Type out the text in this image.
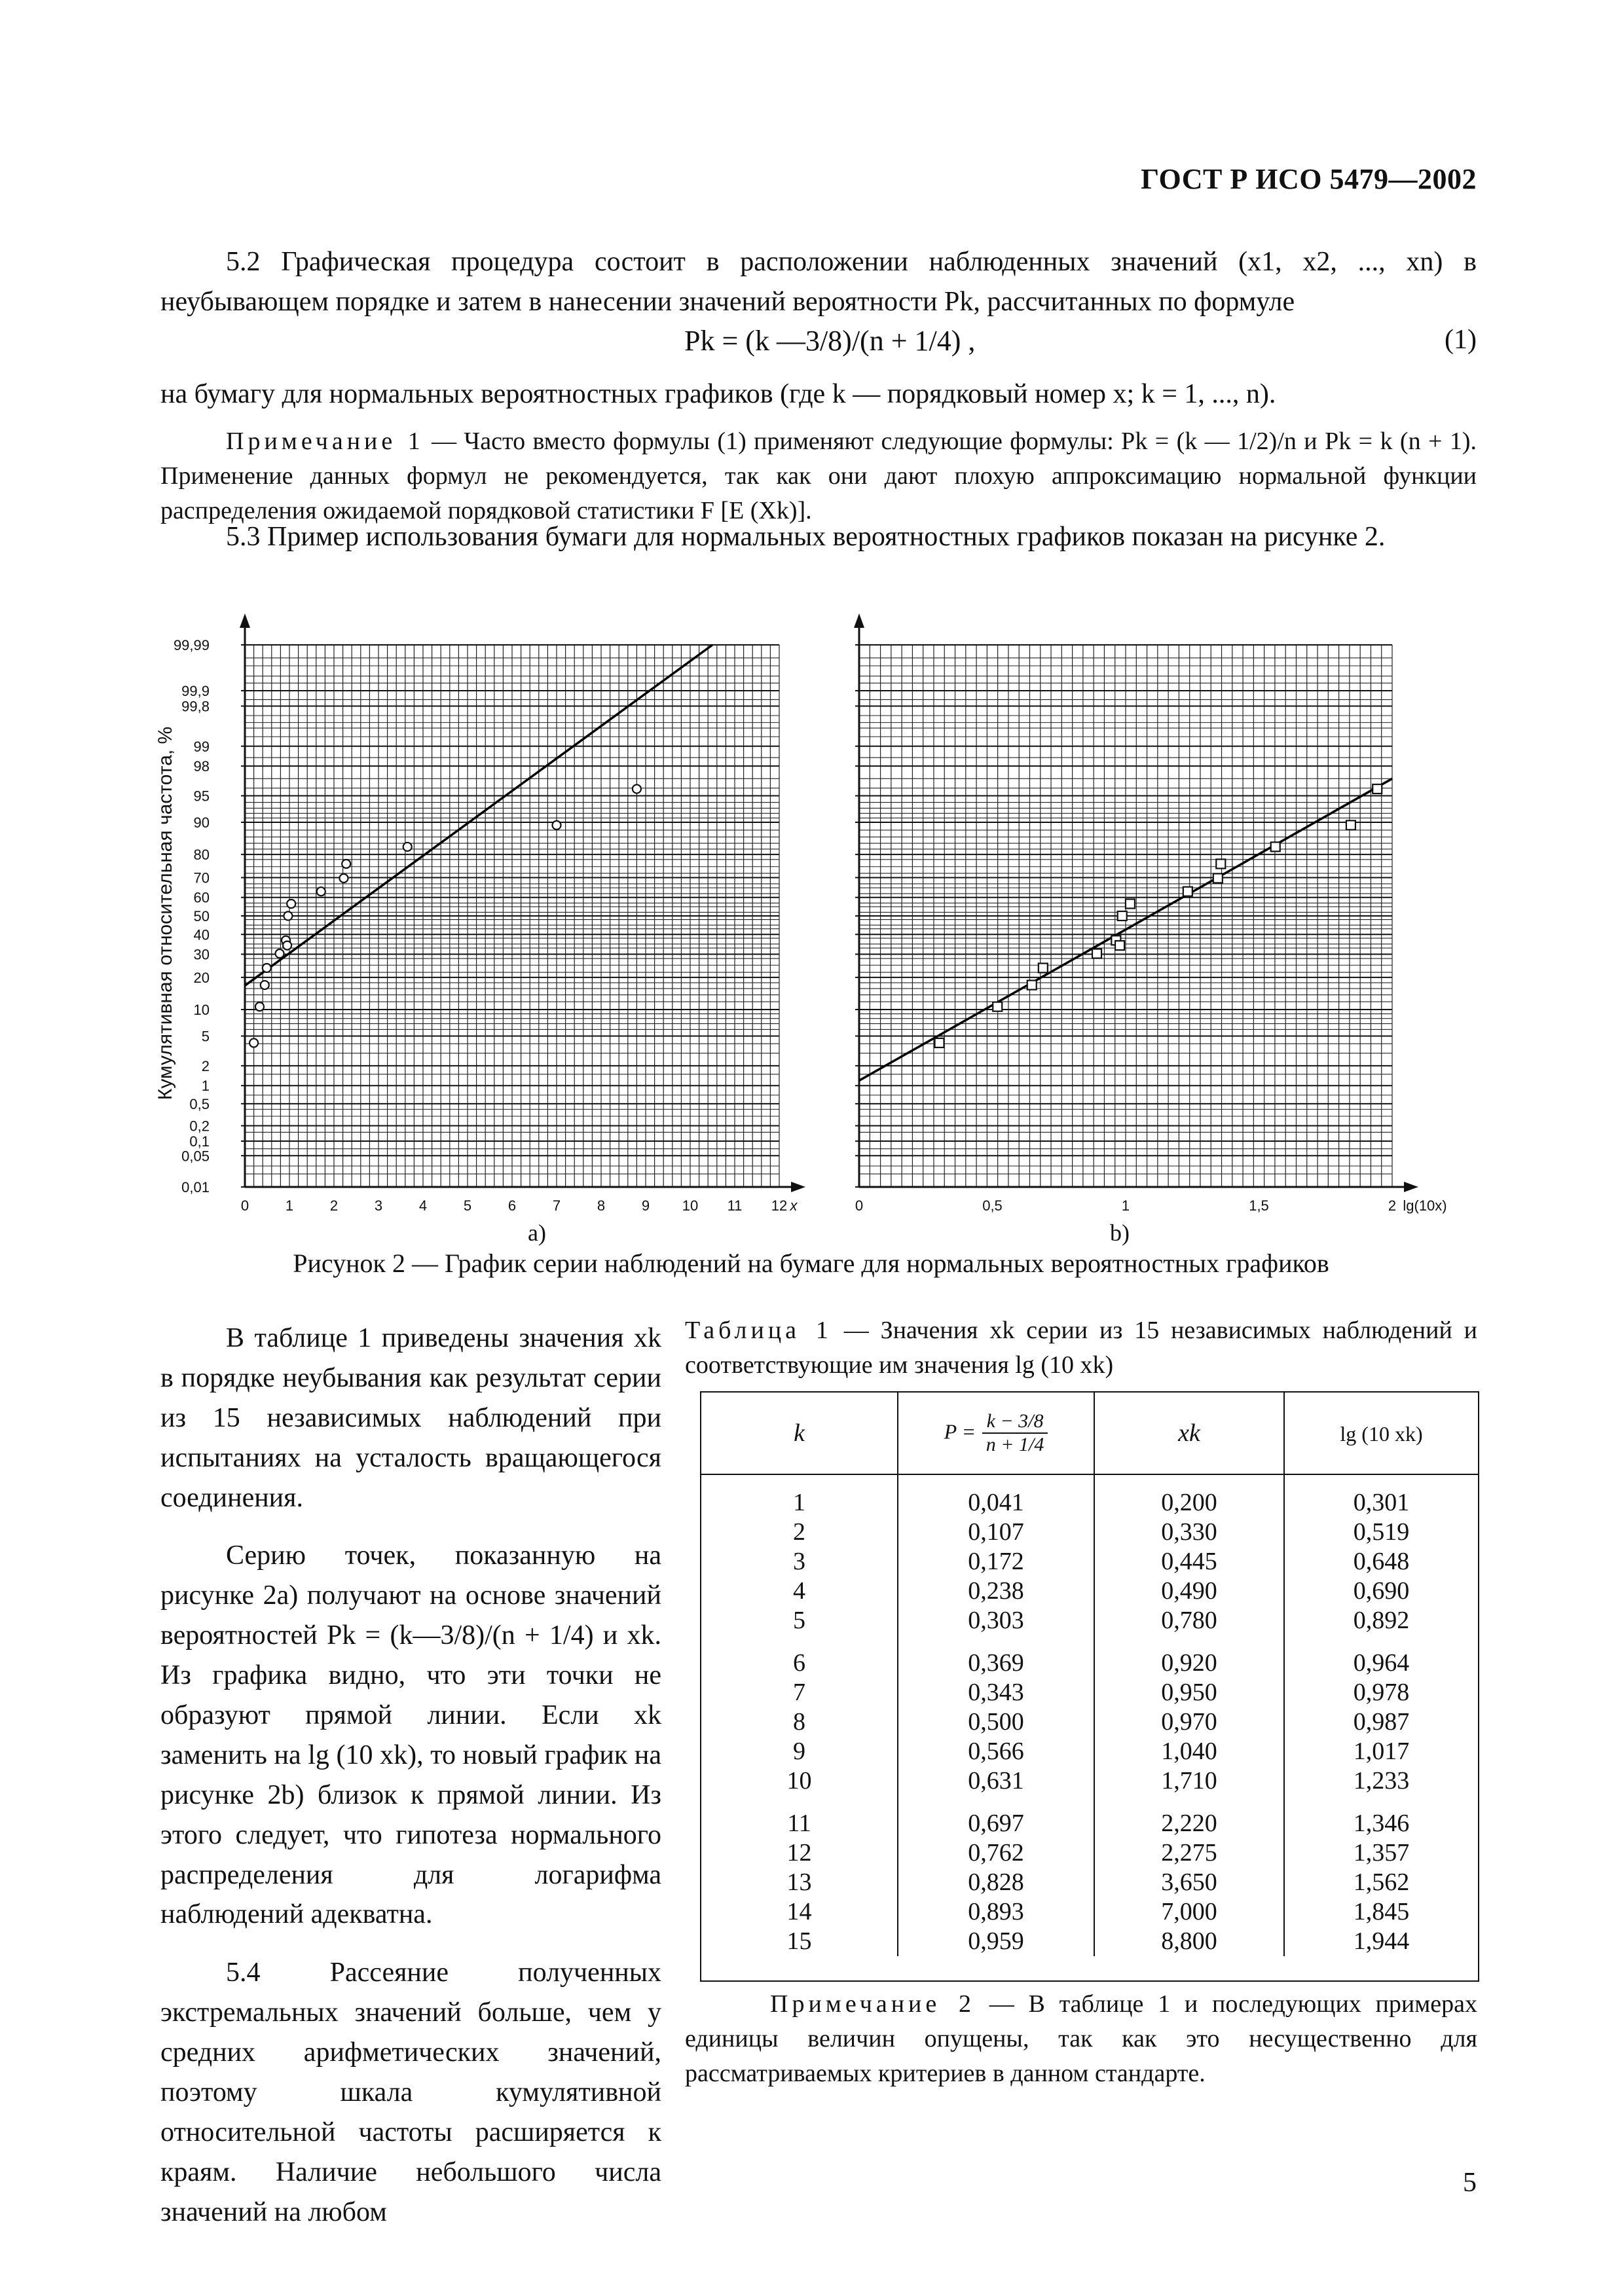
ГОСТ Р ИСО 5479—2002
5.2 Графическая процедура состоит в расположении наблюденных значений (x1, x2, ..., xn) в неубывающем порядке и затем в нанесении значений вероятности Pk, рассчитанных по формуле
Pk = (k —3/8)/(n + 1/4) ,	(1)
на бумагу для нормальных вероятностных графиков (где k — порядковый номер x; k = 1, ..., n).
Примечание 1 — Часто вместо формулы (1) применяют следующие формулы: Pk = (k — 1/2)/n и Pk = k (n + 1). Применение данных формул не рекомендуется, так как они дают плохую аппроксимацию нормальной функции распределения ожидаемой порядковой статистики F [E (Xk)].
5.3 Пример использования бумаги для нормальных вероятностных графиков показан на рисунке 2.
Кумулятивная относительная частота, %
99,99
99,9
99,8
99
98
95
90
80
70
60
50
40
30
20
10
5
2
1
0,5
0,2
0,1
0,05
0,01
0	1	2	3	4	5	6	7	8	9 10 11 12 x	0	0,5	1	1,5	2 lg(10x)
a)	b)
Рисунок 2 — График серии наблюдений на бумаге для нормальных вероятностных графиков
В таблице 1 приведены значения xk в порядке неубывания как результат серии из 15 независимых наблюдений при испытаниях на усталость вращающегося соединения.
Серию точек, показанную на рисунке 2а) получают на основе значений вероятностей Pk = (k—3/8)/(n + 1/4) и xk. Из графика видно, что эти точки не образуют прямой линии. Если xk заменить на lg (10 xk), то новый график на рисунке 2b) близок к прямой линии. Из этого следует, что гипотеза нормального распределения для логарифма наблюдений адекватна.
5.4 Рассеяние полученных экстремальных значений больше, чем у средних арифметических значений, поэтому шкала кумулятивной относительной частоты расширяется к краям. Наличие небольшого числа значений на любом
Таблица 1 — Значения xk серии из 15 независимых наблюдений и соответствующие им значения lg (10 xk)
k	$P = \frac{k - 3/8}{n + 1/4}$	xk	lg (10 xk)
1	0,041	0,200	0,301
2	0,107	0,330	0,519
3	0,172	0,445	0,648
4	0,238	0,490	0,690
5	0,303	0,780	0,892
6	0,369	0,920	0,964
7	0,343	0,950	0,978
8	0,500	0,970	0,987
9	0,566	1,040	1,017
10	0,631	1,710	1,233
11	0,697	2,220	1,346
12	0,762	2,275	1,357
13	0,828	3,650	1,562
14	0,893	7,000	1,845
15	0,959	8,800	1,944
Примечание 2 — В таблице 1 и последующих примерах единицы величин опущены, так как это несущественно для рассматриваемых критериев в данном стандарте.
5
